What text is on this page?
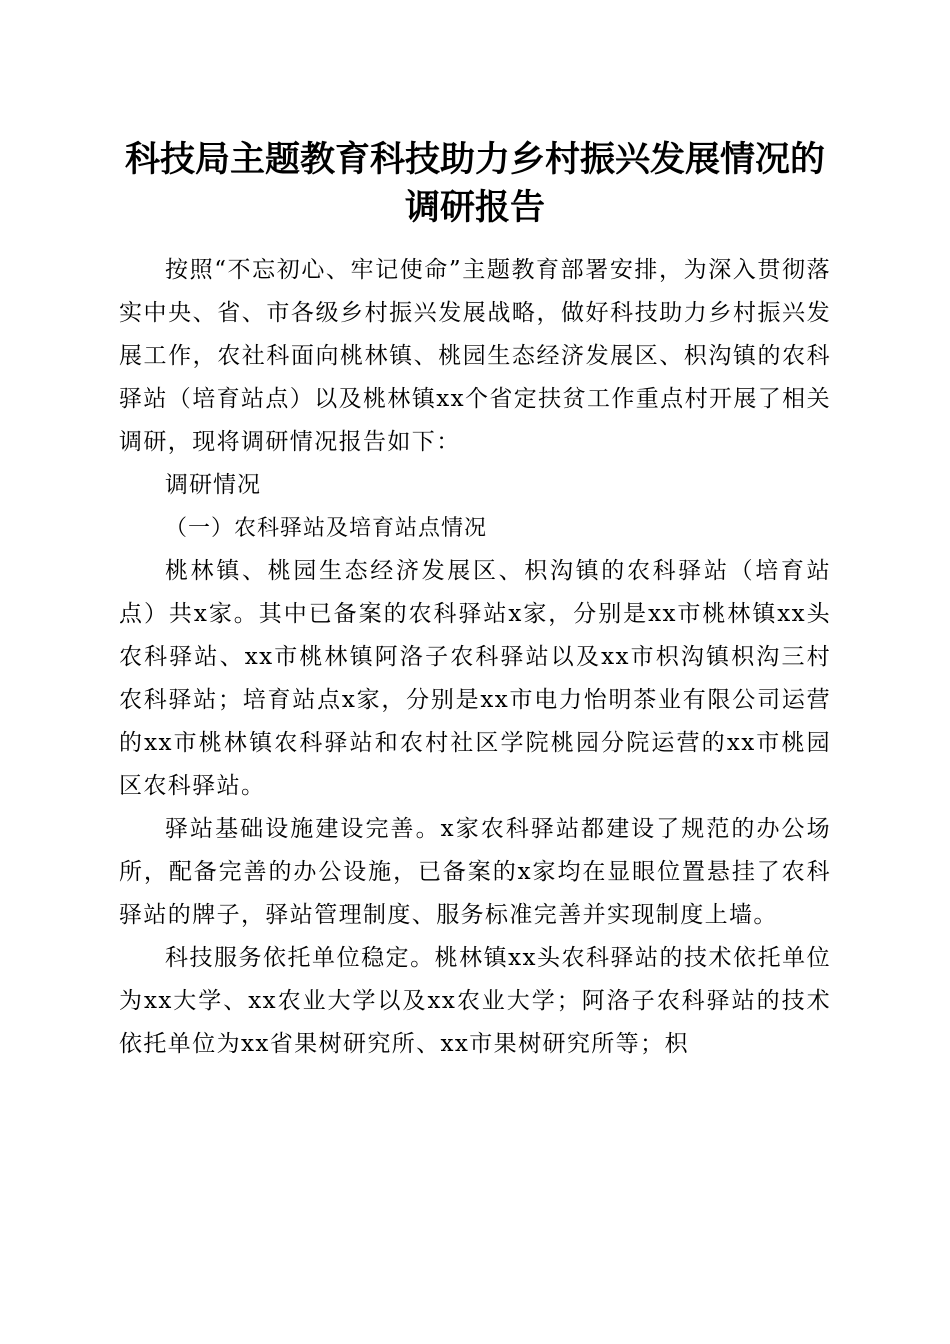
科技局主题教育科技助力乡村振兴发展情况的
调研报告

按照“不忘初心、牢记使命”主题教育部署安排，为深入贯彻落实中央、省、市各级乡村振兴发展战略，做好科技助力乡村振兴发展工作，农社科面向桃林镇、桃园生态经济发展区、枳沟镇的农科驿站（培育站点）以及桃林镇xx个省定扶贫工作重点村开展了相关调研，现将调研情况报告如下：

调研情况

（一）农科驿站及培育站点情况

桃林镇、桃园生态经济发展区、枳沟镇的农科驿站（培育站点）共x家。其中已备案的农科驿站x家，分别是xx市桃林镇xx头农科驿站、xx市桃林镇阿洛子农科驿站以及xx市枳沟镇枳沟三村农科驿站；培育站点x家，分别是xx市电力怡明茶业有限公司运营的xx市桃林镇农科驿站和农村社区学院桃园分院运营的xx市桃园区农科驿站。

驿站基础设施建设完善。x家农科驿站都建设了规范的办公场所，配备完善的办公设施，已备案的x家均在显眼位置悬挂了农科驿站的牌子，驿站管理制度、服务标准完善并实现制度上墙。

科技服务依托单位稳定。桃林镇xx头农科驿站的技术依托单位为xx大学、xx农业大学以及xx农业大学；阿洛子农科驿站的技术依托单位为xx省果树研究所、xx市果树研究所等；枳
